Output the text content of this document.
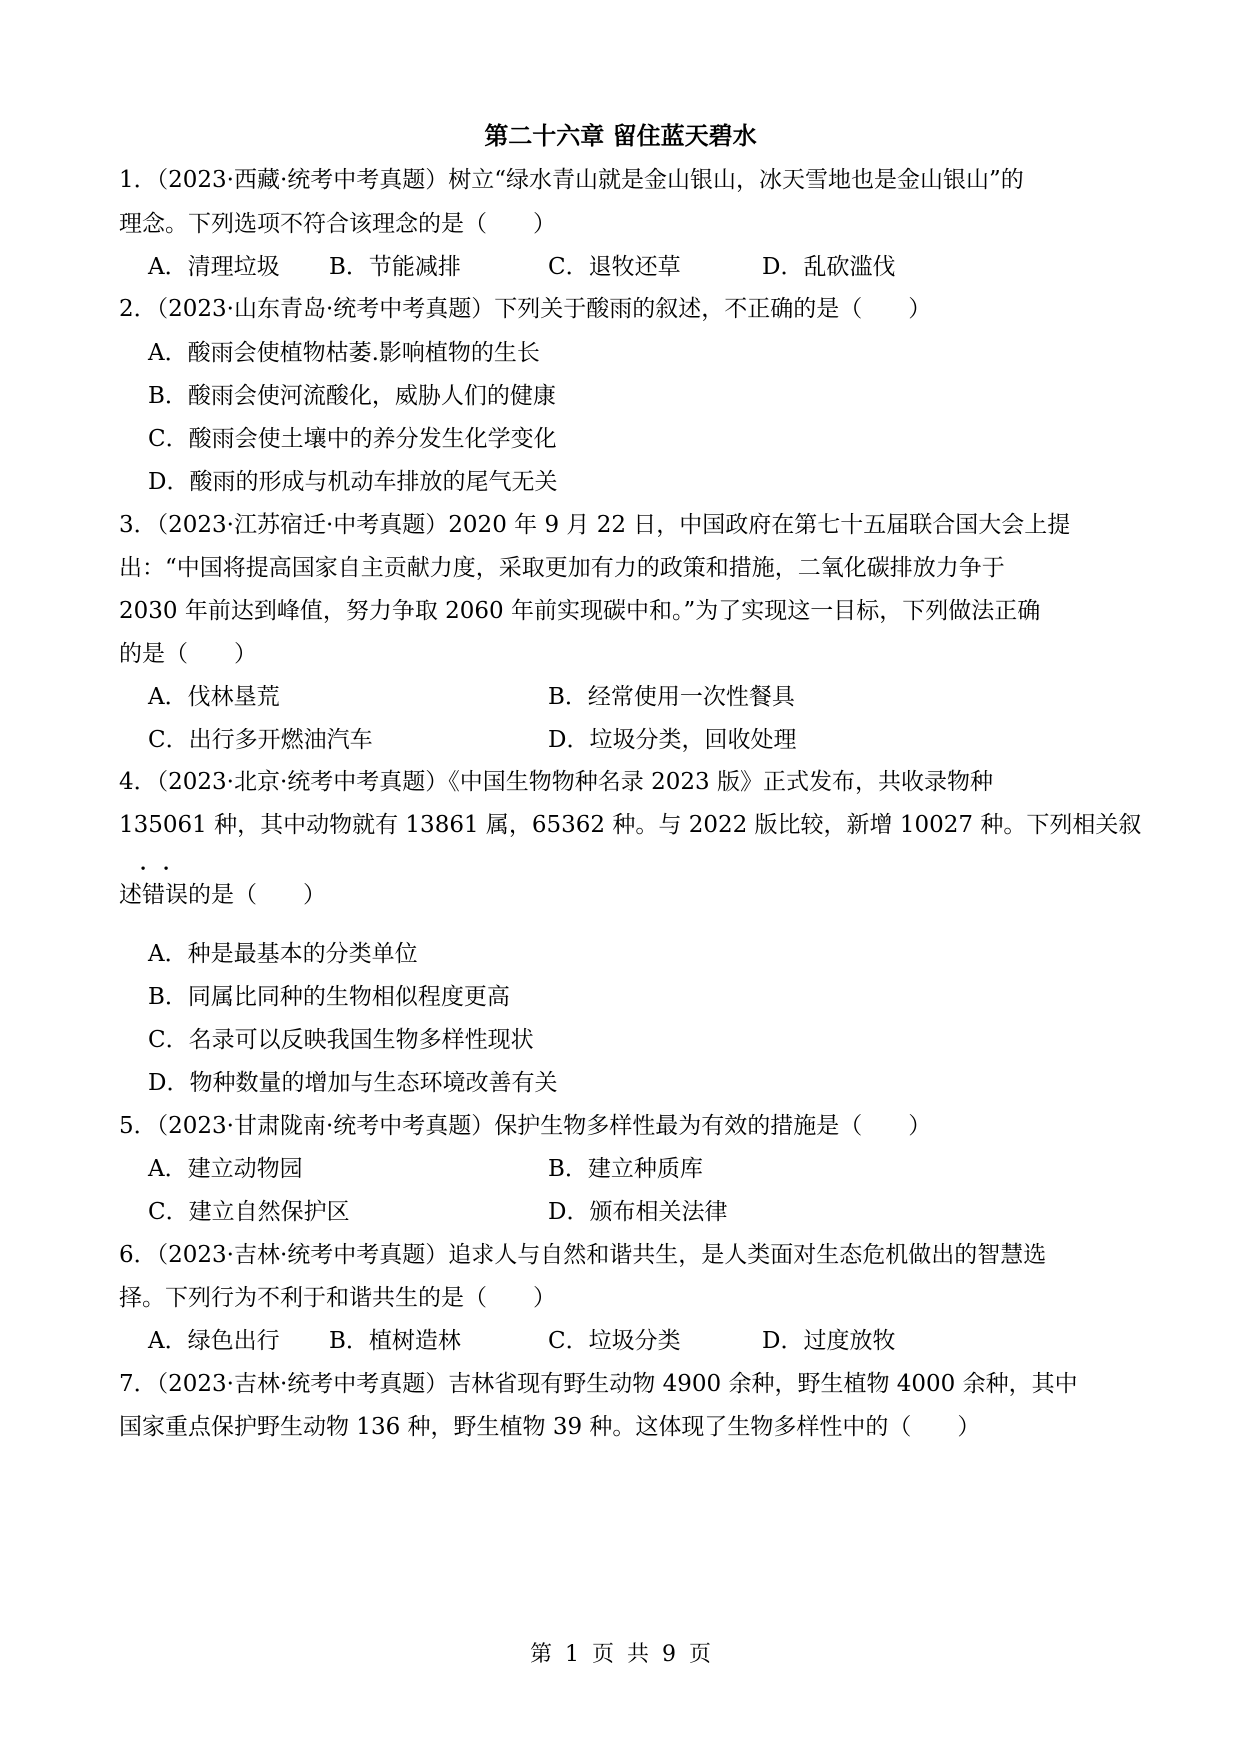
第二十六章 留住蓝天碧水
1．（2023·西藏·统考中考真题）树立“绿水青山就是金山银山，冰天雪地也是金山银山”的
理念。下列选项不符合该理念的是（　　）
A．清理垃圾 B．节能减排	C．退牧还草	D．乱砍滥伐
2．（2023·山东青岛·统考中考真题）下列关于酸雨的叙述，不正确的是（　　）
A．酸雨会使植物枯萎.影响植物的生长
B．酸雨会使河流酸化，威胁人们的健康
C．酸雨会使土壤中的养分发生化学变化
D．酸雨的形成与机动车排放的尾气无关
3．（2023·江苏宿迁·中考真题）2020 年 9 月 22 日，中国政府在第七十五届联合国大会上提
出：“中国将提高国家自主贡献力度，采取更加有力的政策和措施，二氧化碳排放力争于
2030 年前达到峰值，努力争取 2060 年前实现碳中和。”为了实现这一目标，下列做法正确
的是（　　）
A．伐林垦荒	B．经常使用一次性餐具
C．出行多开燃油汽车	D．垃圾分类，回收处理
4．（2023·北京·统考中考真题）《中国生物物种名录 2023 版》正式发布，共收录物种
135061 种，其中动物就有 13861 属，65362 种。与 2022 版比较，新增 10027 种。下列相关叙
． ．
述错误的是（　　）
A．种是最基本的分类单位
B．同属比同种的生物相似程度更高
C．名录可以反映我国生物多样性现状
D．物种数量的增加与生态环境改善有关
5．（2023·甘肃陇南·统考中考真题）保护生物多样性最为有效的措施是（　　）
A．建立动物园	B．建立种质库
C．建立自然保护区	D．颁布相关法律
6．（2023·吉林·统考中考真题）追求人与自然和谐共生，是人类面对生态危机做出的智慧选
择。下列行为不利于和谐共生的是（　　）
A．绿色出行 B．植树造林	C．垃圾分类	D．过度放牧
7．（2023·吉林·统考中考真题）吉林省现有野生动物 4900 余种，野生植物 4000 余种，其中
国家重点保护野生动物 136 种，野生植物 39 种。这体现了生物多样性中的（　　）
第 1 页 共 9 页
